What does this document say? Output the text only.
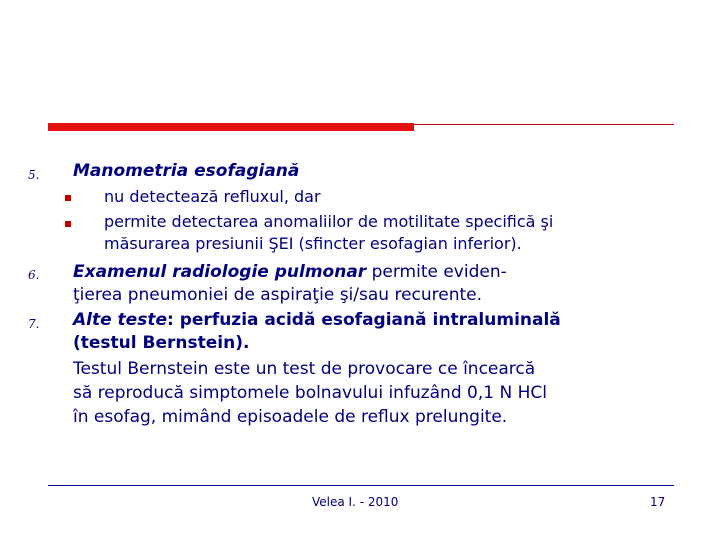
5. Manometria esofagiană
nu detectează refluxul, dar
permite detectarea anomaliilor de motilitate specifică şi
măsurarea presiunii ŞEI (sfincter esofagian inferior).
6. Examenul radiologie pulmonar permite eviden-
ţierea pneumoniei de aspiraţie şi/sau recurente.
7. Alte teste: perfuzia acidă esofagiană intraluminală
(testul Bernstein).
Testul Bernstein este un test de provocare ce încearcă
să reproducă simptomele bolnavului infuzând 0,1 N HCl
în esofag, mimând episoadele de reflux prelungite.
Velea I. - 2010	17
